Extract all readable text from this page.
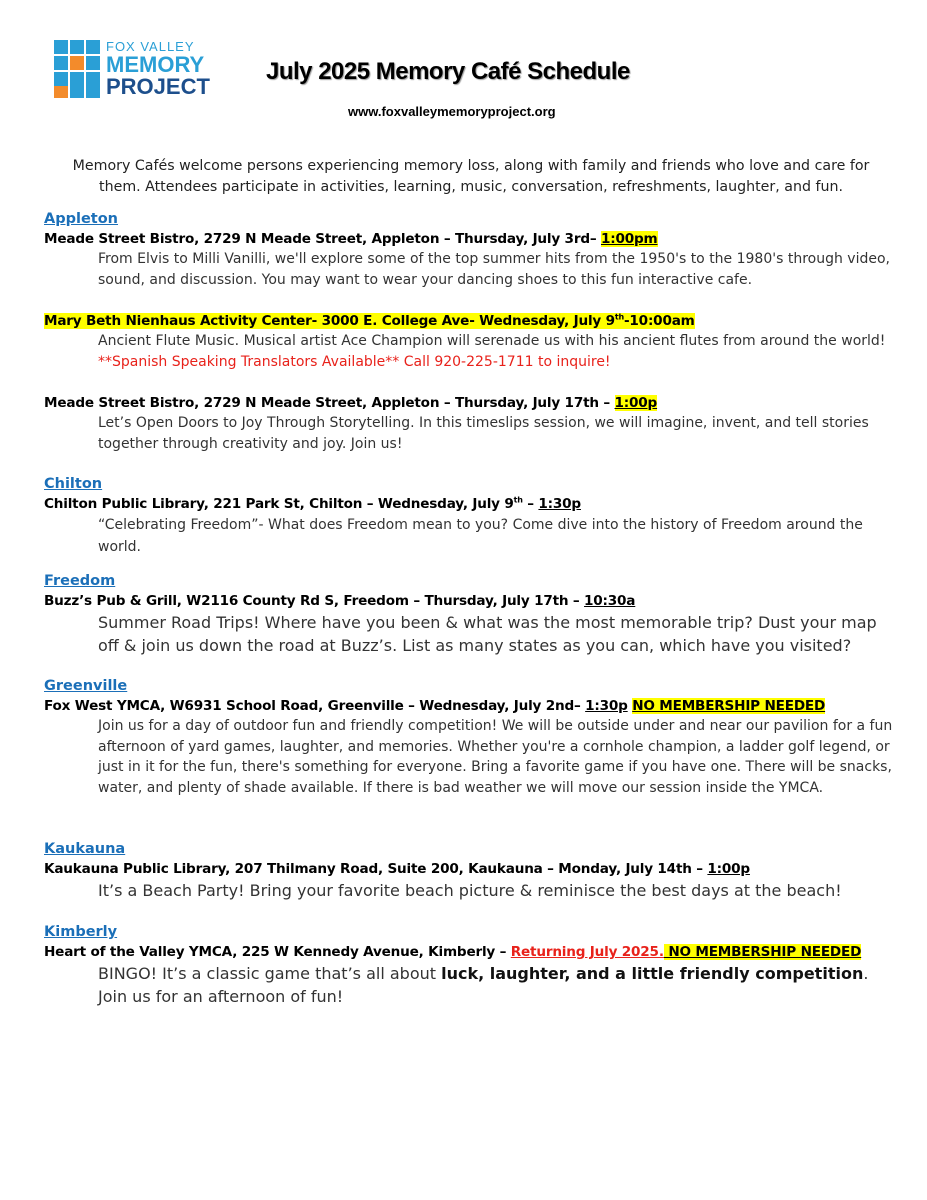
FOX VALLEY
MEMORY
PROJECT
July 2025 Memory Café Schedule
www.foxvalleymemoryproject.org
Memory Cafés welcome persons experiencing memory loss, along with family and friends who love and care for them. Attendees participate in activities, learning, music, conversation, refreshments, laughter, and fun.
Appleton
Meade Street Bistro, 2729 N Meade Street, Appleton – Thursday, July 3rd– 1:00pm
From Elvis to Milli Vanilli, we'll explore some of the top summer hits from the 1950's to the 1980's through video, sound, and discussion. You may want to wear your dancing shoes to this fun interactive cafe.
Mary Beth Nienhaus Activity Center- 3000 E. College Ave- Wednesday, July 9th-10:00am
Ancient Flute Music. Musical artist Ace Champion will serenade us with his ancient flutes from around the world! **Spanish Speaking Translators Available** Call 920-225-1711 to inquire!
Meade Street Bistro, 2729 N Meade Street, Appleton – Thursday, July 17th – 1:00p
Let’s Open Doors to Joy Through Storytelling. In this timeslips session, we will imagine, invent, and tell stories together through creativity and joy. Join us!
Chilton
Chilton Public Library, 221 Park St, Chilton – Wednesday, July 9th – 1:30p
“Celebrating Freedom”- What does Freedom mean to you? Come dive into the history of Freedom around the world.
Freedom
Buzz’s Pub & Grill, W2116 County Rd S, Freedom – Thursday, July 17th – 10:30a
Summer Road Trips! Where have you been & what was the most memorable trip? Dust your map off & join us down the road at Buzz’s. List as many states as you can, which have you visited?
Greenville
Fox West YMCA, W6931 School Road, Greenville – Wednesday, July 2nd– 1:30p NO MEMBERSHIP NEEDED
Join us for a day of outdoor fun and friendly competition! We will be outside under and near our pavilion for a fun afternoon of yard games, laughter, and memories. Whether you're a cornhole champion, a ladder golf legend, or just in it for the fun, there's something for everyone. Bring a favorite game if you have one. There will be snacks, water, and plenty of shade available. If there is bad weather we will move our session inside the YMCA.
Kaukauna
Kaukauna Public Library, 207 Thilmany Road, Suite 200, Kaukauna – Monday, July 14th – 1:00p
It’s a Beach Party! Bring your favorite beach picture & reminisce the best days at the beach!
Kimberly
Heart of the Valley YMCA, 225 W Kennedy Avenue, Kimberly – Returning July 2025. NO MEMBERSHIP NEEDED
BINGO! It’s a classic game that’s all about luck, laughter, and a little friendly competition.
Join us for an afternoon of fun!
